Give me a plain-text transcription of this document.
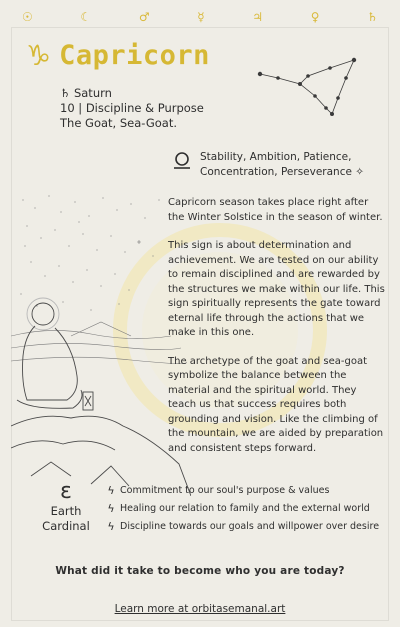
☉	☾	♂	☿	♃	♀	♄
♑ Capricorn
♄ Saturn
10 | Discipline & Purpose
The Goat, Sea-Goat.
Stability, Ambition, Patience,
Concentration, Perseverance ✧

Capricorn season takes place right after the Winter Solstice in the season of winter.

This sign is about determination and achievement. We are tested on our ability to remain disciplined and are rewarded by the structures we make within our life. This sign spiritually represents the gate toward eternal life through the actions that we make in this one.

The archetype of the goat and sea-goat symbolize the balance between the material and the spiritual world. They teach us that success requires both grounding and vision. Like the climbing of the mountain, we are aided by preparation and consistent steps forward.

ɛ
Earth
Cardinal
ϟ Commitment to our soul's purpose & values
ϟ Healing our relation to family and the external world
ϟ Discipline towards our goals and willpower over desire
What did it take to become who you are today?
Learn more at orbitasemanal.art
